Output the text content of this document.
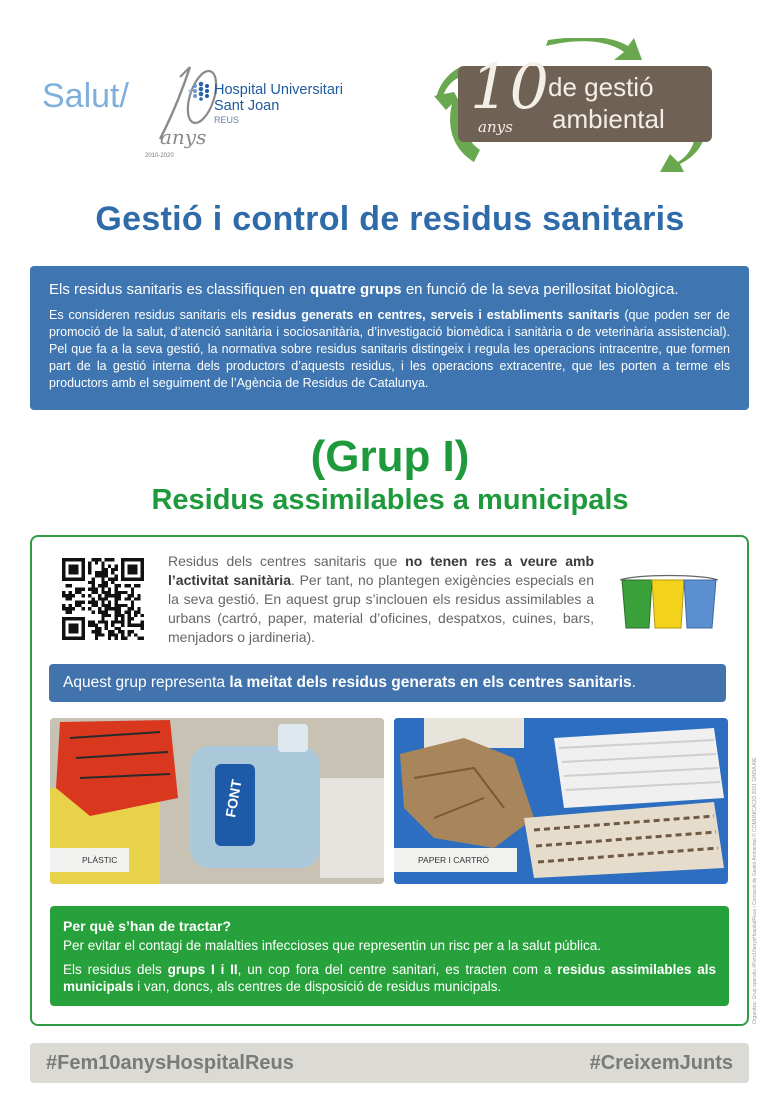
Salut/	Hospital Universitari
Sant Joan
REUS
anys
2010-2020
10
anys
de gestió
ambiental
Gestió i control de residus sanitaris

Els residus sanitaris es classifiquen en quatre grups en funció de la seva perillositat biològica.

Es consideren residus sanitaris els residus generats en centres, serveis i establiments sanitaris (que poden ser de promoció de la salut, d’atenció sanitària i sociosanitària, d’investigació biomèdica i sanitària o de veterinària assistencial). Pel que fa a la seva gestió, la normativa sobre residus sanitaris distingeix i regula les operacions intracentre, que formen part de la gestió interna dels productors d’aquests residus, i les operacions extracentre, que les porten a terme els productors amb el seguiment de l’Agència de Residus de Catalunya.

(Grup I)
Residus assimilables a municipals

Residus dels centres sanitaris que no tenen res a veure amb l’activitat sanitària. Per tant, no plantegen exigències especials en la seva gestió. En aquest grup s’inclouen els residus assimilables a urbans (cartró, paper, material d’oficines, despatxos, cuines, bars, menjadors o jardineria).

Aquest grup representa la meitat dels residus generats en els centres sanitaris.
FONT
PLÀSTIC	PAPER I CARTRÓ

Per què s’han de tractar?

Per evitar el contagi de malalties infeccioses que representin un risc per a la salut pública.

Els residus dels grups I i II, un cop fora del centre sanitari, es tracten com a residus assimilables als municipals i van, doncs, als centres de disposició de residus municipals.	Organitza: Grup operatiu #Fem10anysHospitalReus i Comissió de Gestió Ambiental © COMUNICACIÓ 2021 GINSA AIE
#Fem10anysHospitalReus	#CreixemJunts
